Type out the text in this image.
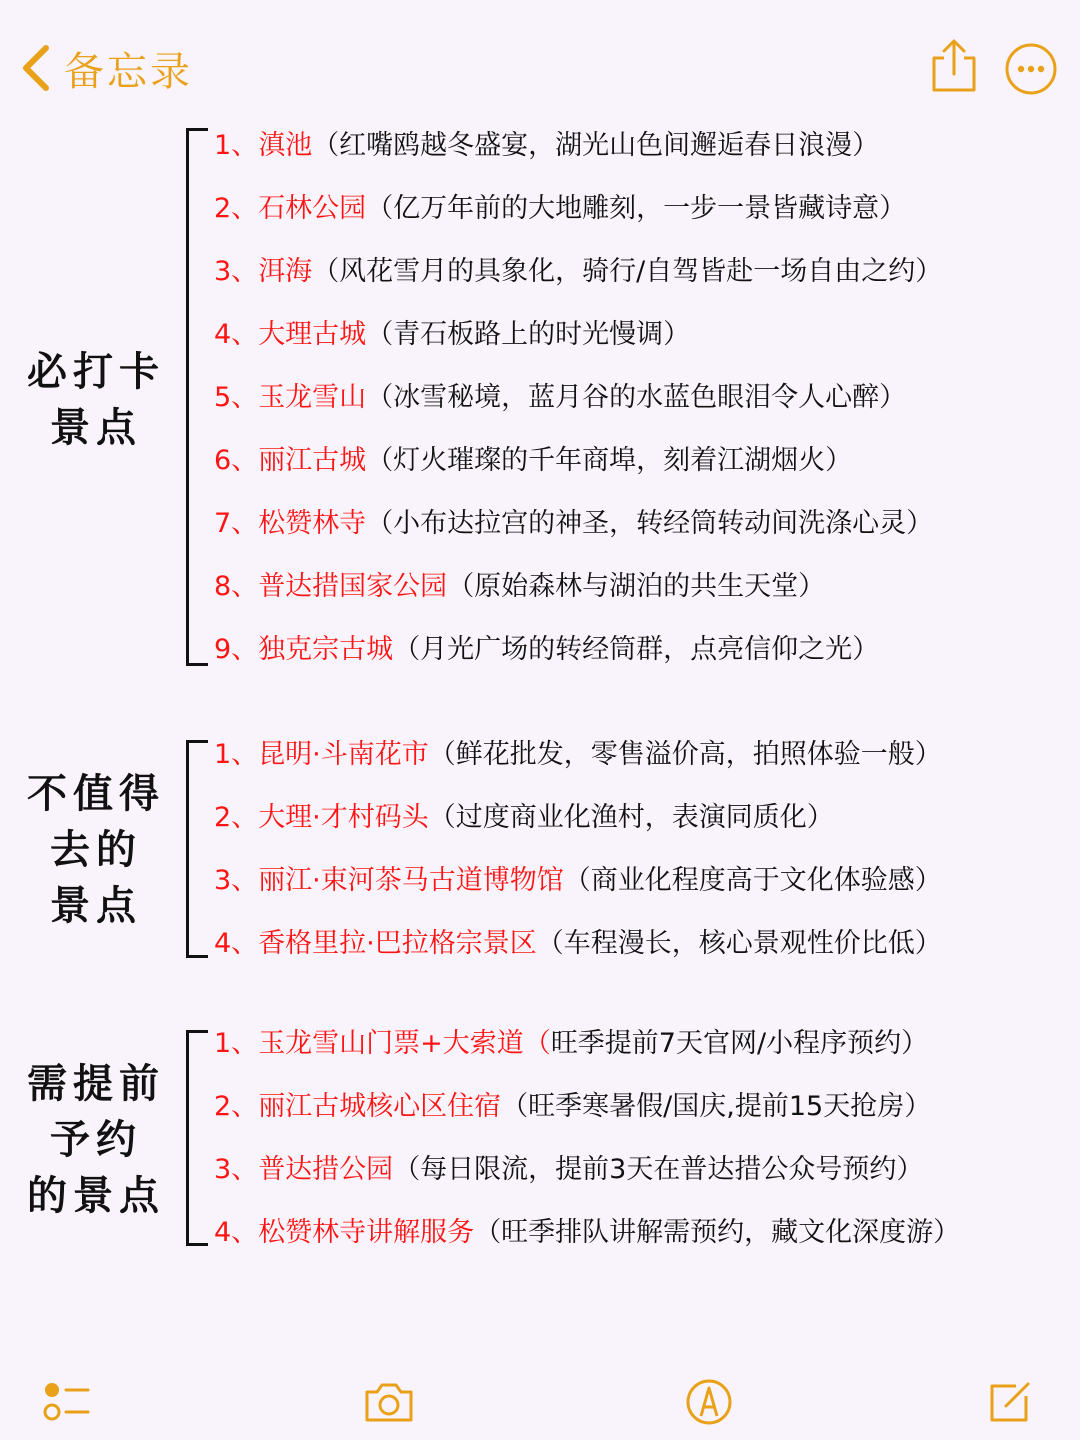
备忘录
必打卡
景点
1、滇池（红嘴鸥越冬盛宴，湖光山色间邂逅春日浪漫）
2、石林公园（亿万年前的大地雕刻，一步一景皆藏诗意）
3、洱海（风花雪月的具象化，骑行/自驾皆赴一场自由之约）
4、大理古城（青石板路上的时光慢调）
5、玉龙雪山（冰雪秘境，蓝月谷的水蓝色眼泪令人心醉）
6、丽江古城（灯火璀璨的千年商埠，刻着江湖烟火）
7、松赞林寺（小布达拉宫的神圣，转经筒转动间洗涤心灵）
8、普达措国家公园（原始森林与湖泊的共生天堂）
9、独克宗古城（月光广场的转经筒群，点亮信仰之光）
不值得
去的
景点
1、昆明·斗南花市（鲜花批发，零售溢价高，拍照体验一般）
2、大理·才村码头（过度商业化渔村，表演同质化）
3、丽江·束河茶马古道博物馆（商业化程度高于文化体验感）
4、香格里拉·巴拉格宗景区（车程漫长，核心景观性价比低）
需提前
予约
的景点
1、玉龙雪山门票+大索道（旺季提前7天官网/小程序预约）
2、丽江古城核心区住宿（旺季寒暑假/国庆,提前15天抢房）
3、普达措公园（每日限流，提前3天在普达措公众号预约）
4、松赞林寺讲解服务（旺季排队讲解需预约，藏文化深度游）
